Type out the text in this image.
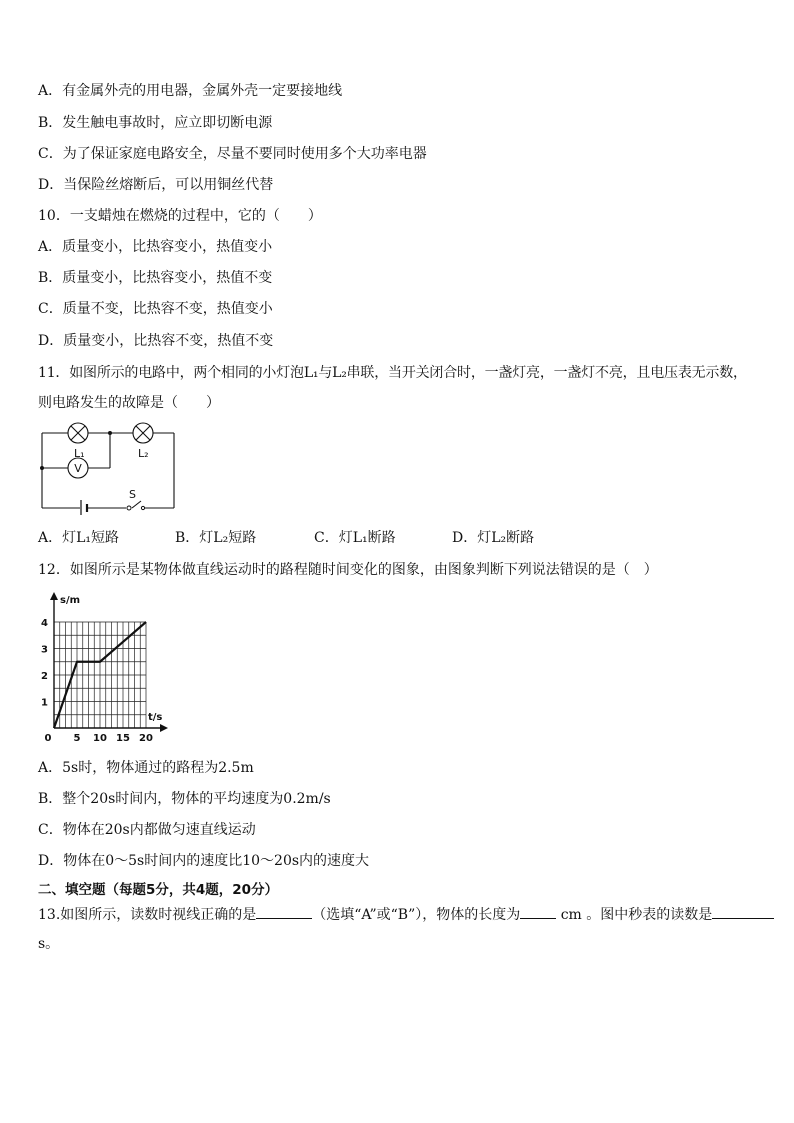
A．有金属外壳的用电器，金属外壳一定要接地线
B．发生触电事故时，应立即切断电源
C．为了保证家庭电路安全，尽量不要同时使用多个大功率电器
D．当保险丝熔断后，可以用铜丝代替
10．一支蜡烛在燃烧的过程中，它的（　　）
A．质量变小，比热容变小，热值变小
B．质量变小，比热容变小，热值不变
C．质量不变，比热容不变，热值变小
D．质量变小，比热容不变，热值不变
11．如图所示的电路中，两个相同的小灯泡L₁与L₂串联，当开关闭合时，一盏灯亮，一盏灯不亮，且电压表无示数，
则电路发生的故障是（　　）
V
L₁	L₂
S
A．灯L₁短路	B．灯L₂短路	C．灯L₁断路	D．灯L₂断路
12．如图所示是某物体做直线运动时的路程随时间变化的图象，由图象判断下列说法错误的是（　）
0 5 10 15 20
1
2
3
4
s/m
t/s
A．5s时，物体通过的路程为2.5m
B．整个20s时间内，物体的平均速度为0.2m/s
C．物体在20s内都做匀速直线运动
D．物体在0～5s时间内的速度比10～20s内的速度大
二、填空题（每题5分，共4题，20分）
13.如图所示，读数时视线正确的是	（选填“A”或“B”），物体的长度为	cm 。图中秒表的读数是
s。
